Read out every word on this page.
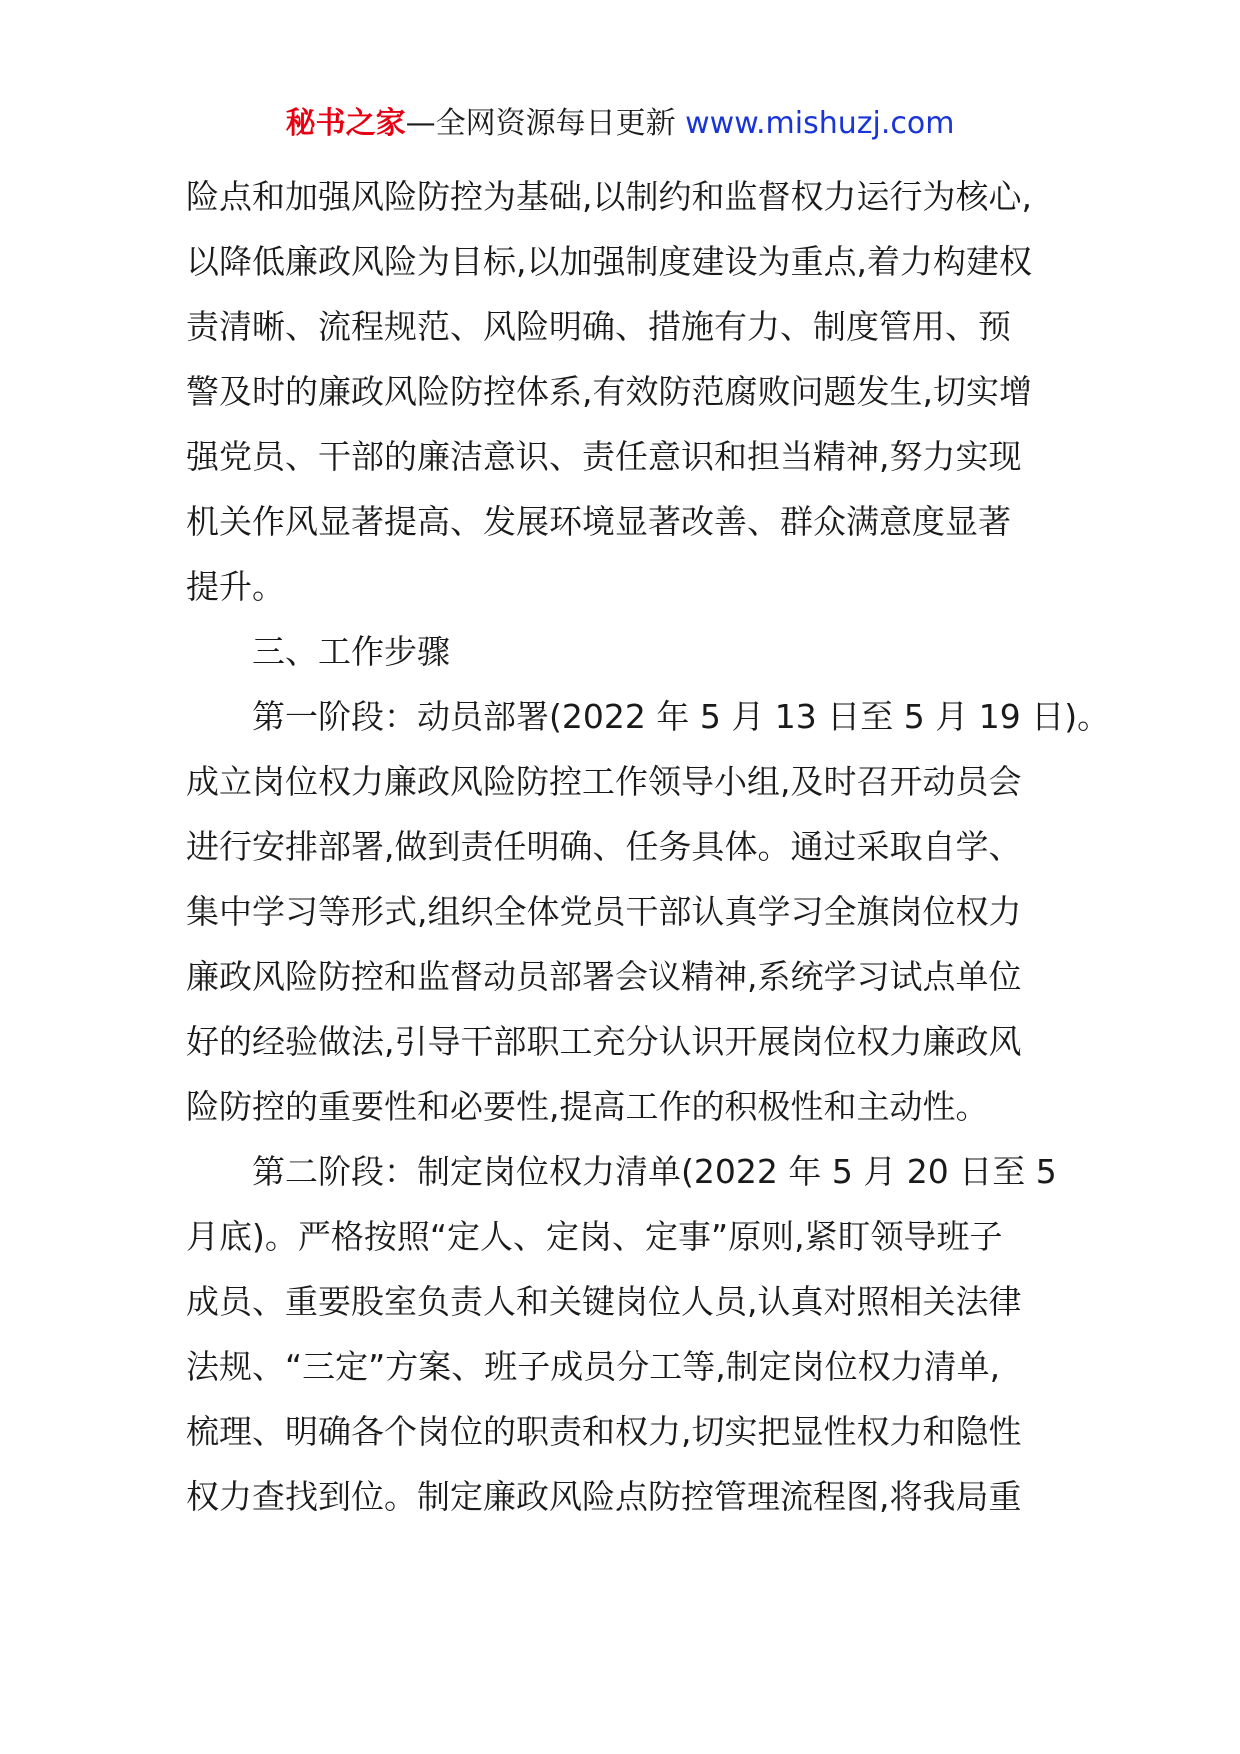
秘书之家—全网资源每日更新 www.mishuzj.com
险点和加强风险防控为基础,以制约和监督权力运行为核心,
以降低廉政风险为目标,以加强制度建设为重点,着力构建权
责清晰、流程规范、风险明确、措施有力、制度管用、预
警及时的廉政风险防控体系,有效防范腐败问题发生,切实增
强党员、干部的廉洁意识、责任意识和担当精神,努力实现
机关作风显著提高、发展环境显著改善、群众满意度显著
提升。
三、工作步骤
第一阶段：动员部署(2022 年 5 月 13 日至 5 月 19 日)。
成立岗位权力廉政风险防控工作领导小组,及时召开动员会
进行安排部署,做到责任明确、任务具体。通过采取自学、
集中学习等形式,组织全体党员干部认真学习全旗岗位权力
廉政风险防控和监督动员部署会议精神,系统学习试点单位
好的经验做法,引导干部职工充分认识开展岗位权力廉政风
险防控的重要性和必要性,提高工作的积极性和主动性。
第二阶段：制定岗位权力清单(2022 年 5 月 20 日至 5
月底)。严格按照“定人、定岗、定事”原则,紧盯领导班子
成员、重要股室负责人和关键岗位人员,认真对照相关法律
法规、“三定”方案、班子成员分工等,制定岗位权力清单,
梳理、明确各个岗位的职责和权力,切实把显性权力和隐性
权力查找到位。制定廉政风险点防控管理流程图,将我局重
